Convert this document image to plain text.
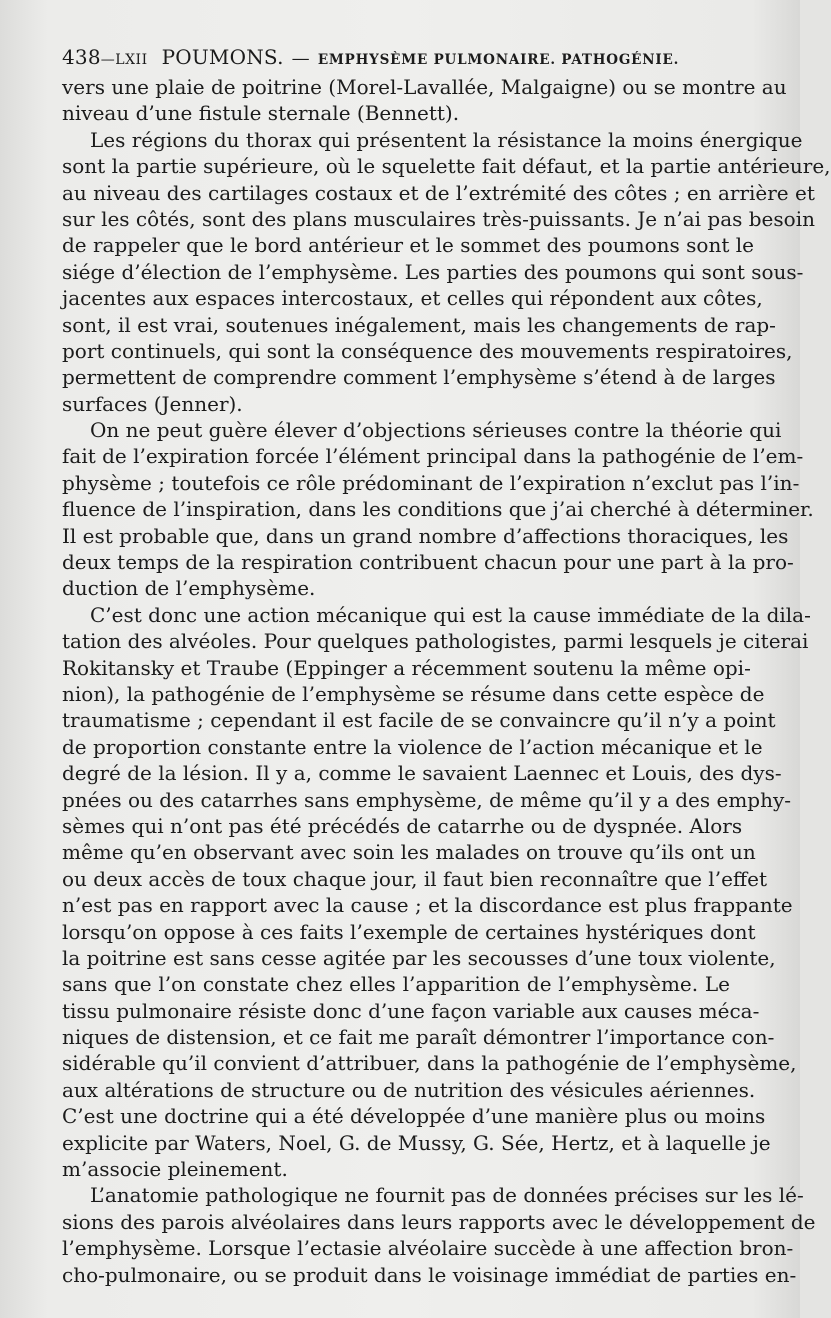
438—LXII POUMONS. — EMPHYSÈME PULMONAIRE. PATHOGÉNIE.
vers une plaie de poitrine (Morel-Lavallée, Malgaigne) ou se montre au
niveau d’une fistule sternale (Bennett).
Les régions du thorax qui présentent la résistance la moins énergique
sont la partie supérieure, où le squelette fait défaut, et la partie antérieure,
au niveau des cartilages costaux et de l’extrémité des côtes ; en arrière et
sur les côtés, sont des plans musculaires très-puissants. Je n’ai pas besoin
de rappeler que le bord antérieur et le sommet des poumons sont le
siége d’élection de l’emphysème. Les parties des poumons qui sont sous-
jacentes aux espaces intercostaux, et celles qui répondent aux côtes,
sont, il est vrai, soutenues inégalement, mais les changements de rap-
port continuels, qui sont la conséquence des mouvements respiratoires,
permettent de comprendre comment l’emphysème s’étend à de larges
surfaces (Jenner).
On ne peut guère élever d’objections sérieuses contre la théorie qui
fait de l’expiration forcée l’élément principal dans la pathogénie de l’em-
physème ; toutefois ce rôle prédominant de l’expiration n’exclut pas l’in-
fluence de l’inspiration, dans les conditions que j’ai cherché à déterminer.
Il est probable que, dans un grand nombre d’affections thoraciques, les
deux temps de la respiration contribuent chacun pour une part à la pro-
duction de l’emphysème.
C’est donc une action mécanique qui est la cause immédiate de la dila-
tation des alvéoles. Pour quelques pathologistes, parmi lesquels je citerai
Rokitansky et Traube (Eppinger a récemment soutenu la même opi-
nion), la pathogénie de l’emphysème se résume dans cette espèce de
traumatisme ; cependant il est facile de se convaincre qu’il n’y a point
de proportion constante entre la violence de l’action mécanique et le
degré de la lésion. Il y a, comme le savaient Laennec et Louis, des dys-
pnées ou des catarrhes sans emphysème, de même qu’il y a des emphy-
sèmes qui n’ont pas été précédés de catarrhe ou de dyspnée. Alors
même qu’en observant avec soin les malades on trouve qu’ils ont un
ou deux accès de toux chaque jour, il faut bien reconnaître que l’effet
n’est pas en rapport avec la cause ; et la discordance est plus frappante
lorsqu’on oppose à ces faits l’exemple de certaines hystériques dont
la poitrine est sans cesse agitée par les secousses d’une toux violente,
sans que l’on constate chez elles l’apparition de l’emphysème. Le
tissu pulmonaire résiste donc d’une façon variable aux causes méca-
niques de distension, et ce fait me paraît démontrer l’importance con-
sidérable qu’il convient d’attribuer, dans la pathogénie de l’emphysème,
aux altérations de structure ou de nutrition des vésicules aériennes.
C’est une doctrine qui a été développée d’une manière plus ou moins
explicite par Waters, Noel, G. de Mussy, G. Sée, Hertz, et à laquelle je
m’associe pleinement.
L’anatomie pathologique ne fournit pas de données précises sur les lé-
sions des parois alvéolaires dans leurs rapports avec le développement de
l’emphysème. Lorsque l’ectasie alvéolaire succède à une affection bron-
cho-pulmonaire, ou se produit dans le voisinage immédiat de parties en-
